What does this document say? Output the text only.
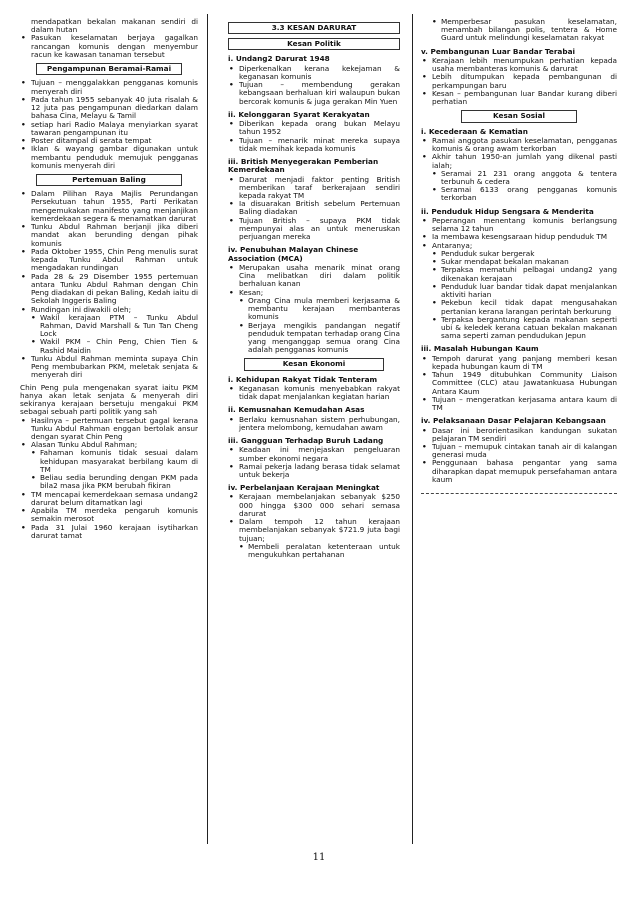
mendapatkan bekalan makanan sendiri di dalam hutan
• Pasukan keselamatan berjaya gagalkan rancangan komunis dengan menyembur racun ke kawasan tanaman tersebut
Pengampunan Beramai-Ramai
• Tujuan – menggalakkan pengganas komunis menyerah diri
• Pada tahun 1955 sebanyak 40 juta risalah & 12 juta pas pengampunan diedarkan dalam bahasa Cina, Melayu & Tamil
• setiap hari Radio Malaya menyiarkan syarat tawaran pengampunan itu
• Poster ditampal di serata tempat
• Iklan & wayang gambar digunakan untuk membantu penduduk memujuk pengganas komunis menyerah diri
Pertemuan Baling
• Dalam Pilihan Raya Majlis Perundangan Persekutuan tahun 1955, Parti Perikatan mengemukakan manifesto yang menjanjikan kemerdekaan segera & menamatkan darurat
• Tunku Abdul Rahman berjanji jika diberi mandat akan berunding dengan pihak komunis
• Pada Oktober 1955, Chin Peng menulis surat kepada Tunku Abdul Rahman untuk mengadakan rundingan
• Pada 28 & 29 Disember 1955 pertemuan antara Tunku Abdul Rahman dengan Chin Peng diadakan di pekan Baling, Kedah iaitu di Sekolah Inggeris Baling
• Rundingan ini diwakili oleh;
• Wakil kerajaan PTM – Tunku Abdul Rahman, David Marshall & Tun Tan Cheng Lock
• Wakil PKM – Chin Peng, Chien Tien & Rashid Maidin
• Tunku Abdul Rahman meminta supaya Chin Peng membubarkan PKM, meletak senjata & menyerah diri
Chin Peng pula mengenakan syarat iaitu PKM hanya akan letak senjata & menyerah diri sekiranya kerajaan bersetuju mengakui PKM sebagai sebuah parti politik yang sah
• Hasilnya – pertemuan tersebut gagal kerana Tunku Abdul Rahman enggan bertolak ansur dengan syarat Chin Peng
• Alasan Tunku Abdul Rahman;
• Fahaman komunis tidak sesuai dalam kehidupan masyarakat berbilang kaum di TM
• Beliau sedia berunding dengan PKM pada bila2 masa jika PKM berubah fikiran
• TM mencapai kemerdekaan semasa undang2 darurat belum ditamatkan lagi
• Apabila TM merdeka pengaruh komunis semakin merosot
• Pada 31 Julai 1960 kerajaan isytiharkan darurat tamat
3.3 KESAN DARURAT
Kesan Politik
i. Undang2 Darurat 1948
• Diperkenalkan kerana kekejaman & keganasan komunis
• Tujuan – membendung gerakan kebangsaan berhaluan kiri walaupun bukan bercorak komunis & juga gerakan Min Yuen
ii. Kelonggaran Syarat Kerakyatan
• Diberikan kepada orang bukan Melayu tahun 1952
• Tujuan – menarik minat mereka supaya tidak memihak kepada komunis
iii. British Menyegerakan Pemberian Kemerdekaan
• Darurat menjadi faktor penting British memberikan taraf berkerajaan sendiri kepada rakyat TM
• Ia disuarakan British sebelum Pertemuan Baling diadakan
• Tujuan British – supaya PKM tidak mempunyai alas an untuk meneruskan perjuangan mereka
iv. Penubuhan Malayan Chinese Association (MCA)
• Merupakan usaha menarik minat orang Cina melibatkan diri dalam politik berhaluan kanan
• Kesan;
• Orang Cina mula memberi kerjasama & membantu kerajaan membanteras komunis
• Berjaya mengikis pandangan negatif penduduk tempatan terhadap orang Cina yang menganggap semua orang Cina adalah pengganas komunis
Kesan Ekonomi
i. Kehidupan Rakyat Tidak Tenteram
• Keganasan komunis menyebabkan rakyat tidak dapat menjalankan kegiatan harian
ii. Kemusnahan Kemudahan Asas
• Berlaku kemusnahan sistem perhubungan, jentera melombong, kemudahan awam
iii. Gangguan Terhadap Buruh Ladang
• Keadaan ini menjejaskan pengeluaran sumber ekonomi negara
• Ramai pekerja ladang berasa tidak selamat untuk bekerja
iv. Perbelanjaan Kerajaan Meningkat
• Kerajaan membelanjakan sebanyak $250 000 hingga $300 000 sehari semasa darurat
• Dalam tempoh 12 tahun kerajaan membelanjakan sebanyak $721.9 juta bagi tujuan;
• Membeli peralatan ketenteraan untuk mengukuhkan pertahanan
• Memperbesar pasukan keselamatan, menambah bilangan polis, tentera & Home Guard untuk melindungi keselamatan rakyat
v. Pembangunan Luar Bandar Terabai
• Kerajaan lebih menumpukan perhatian kepada usaha membanteras komunis & darurat
• Lebih ditumpukan kepada pembangunan di perkampungan baru
• Kesan – pembangunan luar Bandar kurang diberi perhatian
Kesan Sosial
i. Kecederaan & Kematian
• Ramai anggota pasukan keselamatan, pengganas komunis & orang awam terkorban
• Akhir tahun 1950-an jumlah yang dikenal pasti ialah;
• Seramai 21 231 orang anggota & tentera terbunuh & cedera
• Seramai 6133 orang pengganas komunis terkorban
ii. Penduduk Hidup Sengsara & Menderita
• Peperangan menentang komunis berlangsung selama 12 tahun
• Ia membawa kesengsaraan hidup penduduk TM
• Antaranya;
• Penduduk sukar bergerak
• Sukar mendapat bekalan makanan
• Terpaksa mematuhi pelbagai undang2 yang dikenakan kerajaan
• Penduduk luar bandar tidak dapat menjalankan aktiviti harian
• Pekebun kecil tidak dapat mengusahakan pertanian kerana larangan perintah berkurung
• Terpaksa bergantung kepada makanan seperti ubi & keledek kerana catuan bekalan makanan sama seperti zaman pendudukan Jepun
iii. Masalah Hubungan Kaum
• Tempoh darurat yang panjang memberi kesan kepada hubungan kaum di TM
• Tahun 1949 ditubuhkan Community Liaison Committee (CLC) atau Jawatankuasa Hubungan Antara Kaum
• Tujuan – mengeratkan kerjasama antara kaum di TM
iv. Pelaksanaan Dasar Pelajaran Kebangsaan
• Dasar ini berorientasikan kandungan sukatan pelajaran TM sendiri
• Tujuan – memupuk cintakan tanah air di kalangan generasi muda
• Penggunaan bahasa pengantar yang sama diharapkan dapat memupuk persefahaman antara kaum
11
